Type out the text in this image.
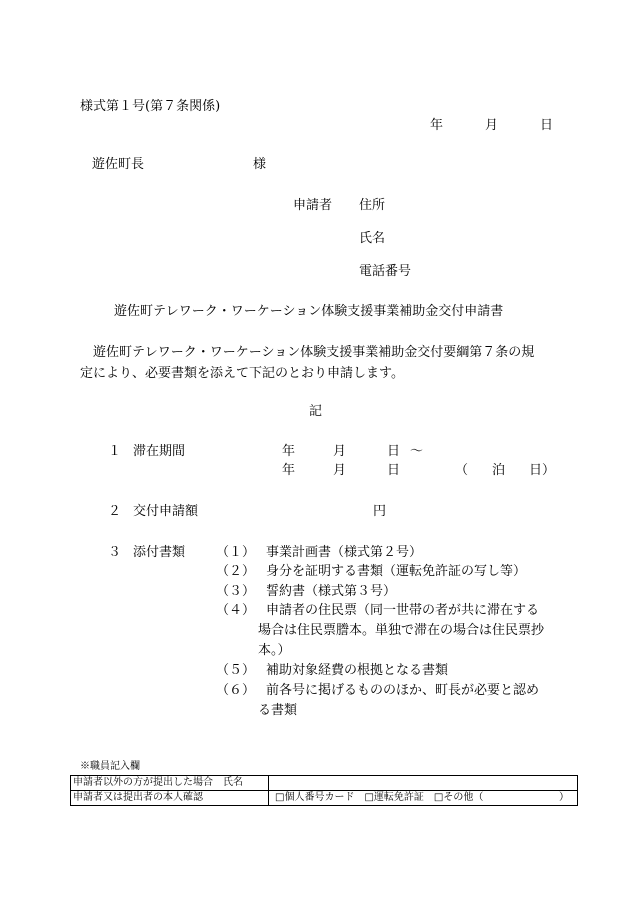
様式第１号(第７条関係)
年	月	日
遊佐町長	様
申請者 住所
氏名
電話番号
遊佐町テレワーク・ワーケーション体験支援事業補助金交付申請書
遊佐町テレワーク・ワーケーション体験支援事業補助金交付要綱第７条の規
定により、必要書類を添えて下記のとおり申請します。
記
１ 滞在期間	年	月	日 ～
年	月	日	（ 泊 日）
２ 交付申請額	円
３ 添付書類 （１） 事業計画書（様式第２号）
（２） 身分を証明する書類（運転免許証の写し等）
（３） 誓約書（様式第３号）
（４） 申請者の住民票（同一世帯の者が共に滞在する
場合は住民票謄本。単独で滞在の場合は住民票抄
本。）
（５） 補助対象経費の根拠となる書類
（６） 前各号に掲げるもののほか、町長が必要と認め
る書類
※職員記入欄
申請者以外の方が提出した場合　氏名	
申請者又は提出者の本人確認	□個人番号カード □運転免許証 □その他（ ）
